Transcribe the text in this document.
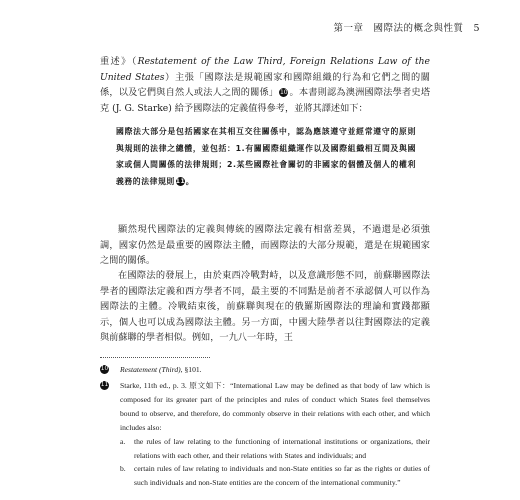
第一章　國際法的概念與性質 5
重述》（Restatement of the Law Third, Foreign Relations Law of the United States）主張「國際法是規範國家和國際組織的行為和它們之間的關係，以及它們與自然人或法人之間的關係」 10 。本書則認為澳洲國際法學者史塔克 (J. G. Starke) 給予國際法的定義值得參考，並將其譯述如下：
國際法大部分是包括國家在其相互交往關係中，認為應該遵守並經常遵守的原則與規則的法律之總體，並包括：1.有關國際組織運作以及國際組織相互間及與國家或個人間關係的法律規則；2.某些國際社會關切的非國家的個體及個人的權利義務的法律規則11。
顯然現代國際法的定義與傳統的國際法定義有相當差異，不過還是必須強調，國家仍然是最重要的國際法主體，而國際法的大部分規範，還是在規範國家之間的關係。
在國際法的發展上，由於東西冷戰對峙，以及意識形態不同，前蘇聯國際法學者的國際法定義和西方學者不同，最主要的不同點是前者不承認個人可以作為國際法的主體。冷戰結束後，前蘇聯與現在的俄羅斯國際法的理論和實踐都顯示，個人也可以成為國際法主體。另一方面，中國大陸學者以往對國際法的定義與前蘇聯的學者相似。例如，一九八一年時，王
10 Restatement (Third), §101.
11 Starke, 11th ed., p. 3. 原文如下：“International Law may be defined as that body of law which is composed for its greater part of the principles and rules of conduct which States feel themselves bound to observe, and therefore, do commonly observe in their relations with each other, and which includes also:
a. the rules of law relating to the functioning of international institutions or organizations, their relations with each other, and their relations with States and individuals; and
b. certain rules of law relating to individuals and non-State entities so far as the rights or duties of such individuals and non-State entities are the concern of the international community.”
